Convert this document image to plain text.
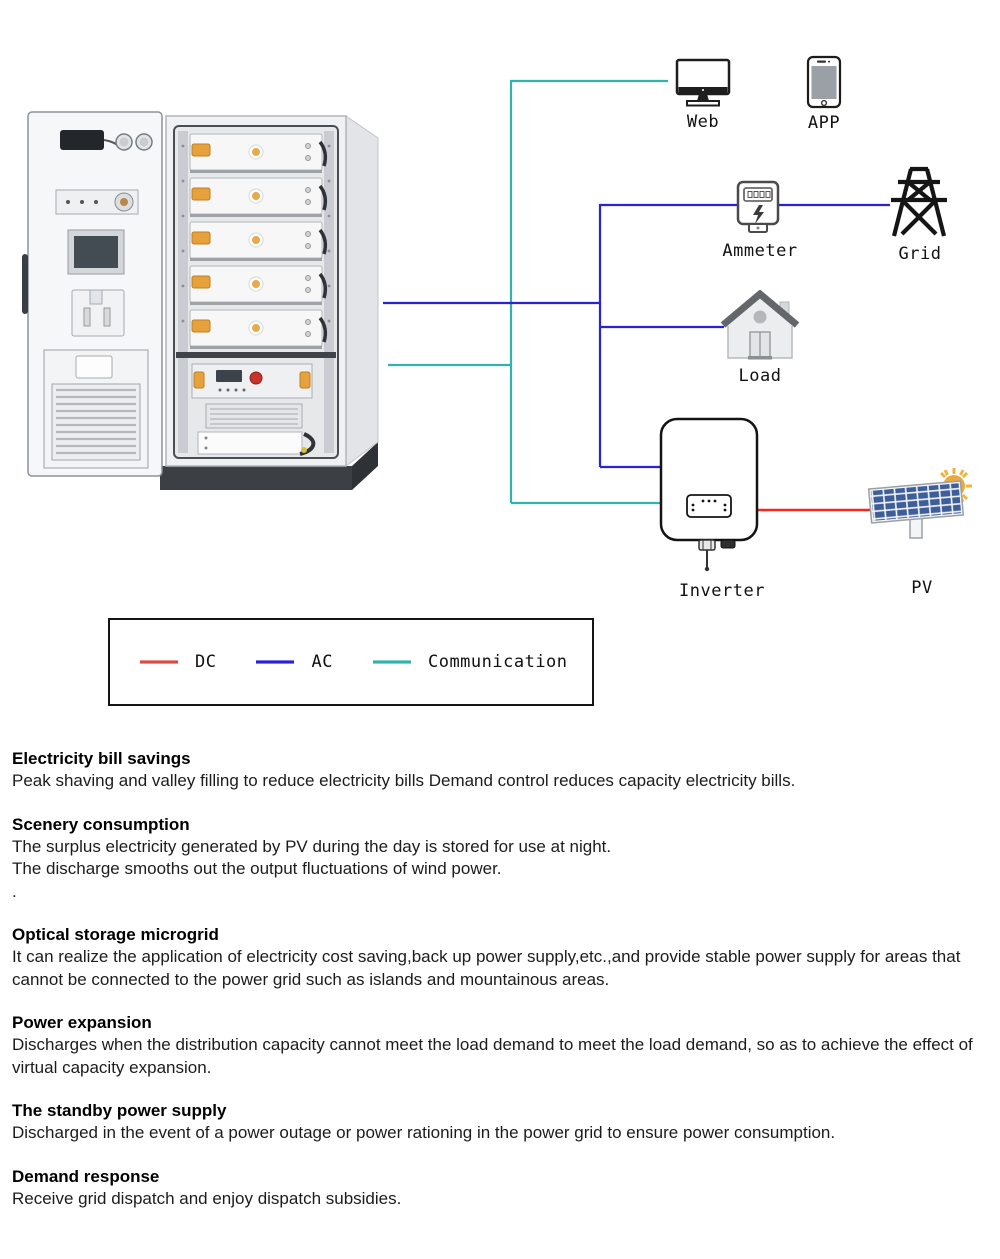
Web	APP
Ammeter	Grid
Load
Inverter	PV
DC	AC	Communication
Electricity bill savings
Peak shaving and valley filling to reduce electricity bills Demand control reduces capacity electricity bills.
Scenery consumption
The surplus electricity generated by PV during the day is stored for use at night.
The discharge smooths out the output fluctuations of wind power.
.
Optical storage microgrid
It can realize the application of electricity cost saving,back up power supply,etc.,and provide stable power supply for areas that cannot be connected to the power grid such as islands and mountainous areas.
Power expansion
Discharges when the distribution capacity cannot meet the load demand to meet the load demand, so as to achieve the effect of virtual capacity expansion.
The standby power supply
Discharged in the event of a power outage or power rationing in the power grid to ensure power consumption.
Demand response
Receive grid dispatch and enjoy dispatch subsidies.
